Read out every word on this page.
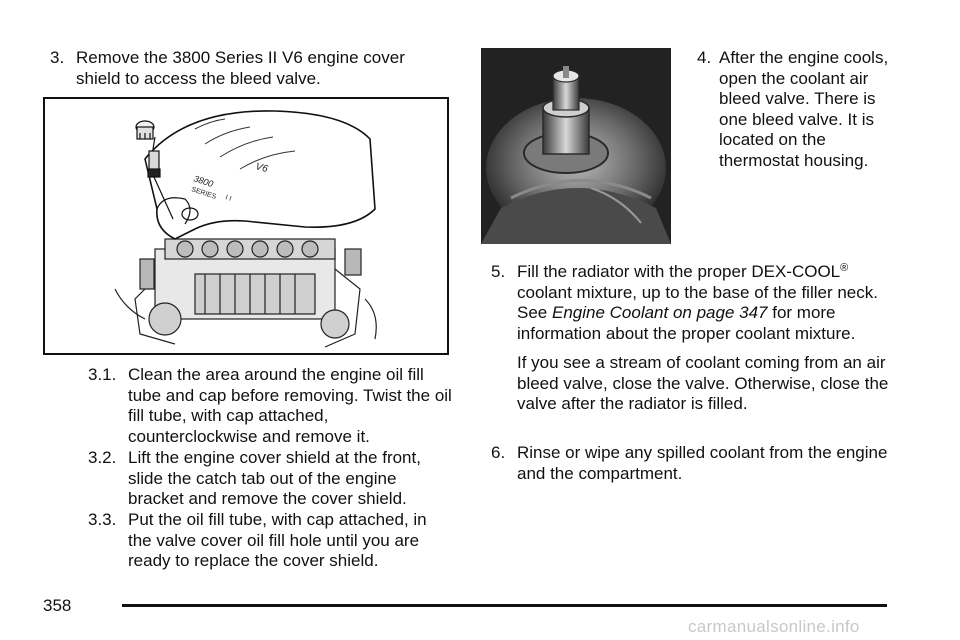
3. Remove the 3800 Series II V6 engine cover shield to access the bleed valve.
3800
SERIES I I
V6
3.1. Clean the area around the engine oil fill tube and cap before removing. Twist the oil fill tube, with cap attached, counterclockwise and remove it.
3.2. Lift the engine cover shield at the front, slide the catch tab out of the engine bracket and remove the cover shield.
3.3. Put the oil fill tube, with cap attached, in the valve cover oil fill hole until you are ready to replace the cover shield.
4. After the engine cools, open the coolant air bleed valve. There is one bleed valve. It is located on the thermostat housing.
5. Fill the radiator with the proper DEX-COOL® coolant mixture, up to the base of the filler neck. See Engine Coolant on page 347 for more information about the proper coolant mixture.

If you see a stream of coolant coming from an air bleed valve, close the valve. Otherwise, close the valve after the radiator is filled.

6. Rinse or wipe any spilled coolant from the engine and the compartment.
358
carmanualsonline.info
